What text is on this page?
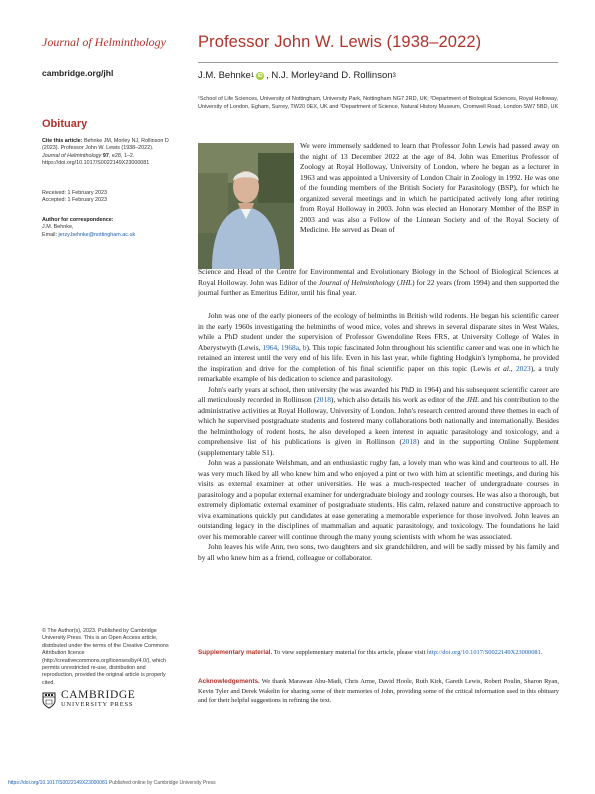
Journal of Helminthology
cambridge.org/jhl
Obituary
Cite this article: Behnke JM, Morley NJ, Rollinson D (2023). Professor John W. Lewis (1938–2022). Journal of Helminthology 97, e28, 1–2. https://doi.org/10.1017/S0022149X23000081
Received: 1 February 2023
Accepted: 1 February 2023
Author for correspondence:
J.M. Behnke,
Email: jerzy.behnke@nottingham.ac.uk
© The Author(s), 2023. Published by Cambridge University Press. This is an Open Access article, distributed under the terms of the Creative Commons Attribution licence (http://creativecommons.org/licenses/by/4.0/), which permits unrestricted re-use, distribution and reproduction, provided the original article is properly cited.
CAMBRIDGE
UNIVERSITY PRESS
Professor John W. Lewis (1938–2022)
J.M. Behnke 1 iD , N.J. Morley 2 and D. Rollinson 3
¹School of Life Sciences, University of Nottingham, University Park, Nottingham NG7 2RD, UK; ²Department of Biological Sciences, Royal Holloway, University of London, Egham, Surrey, TW20 0EX, UK and ³Department of Science, Natural History Museum, Cromwell Road, London SW7 5BD, UK
We were immensely saddened to learn that Professor John Lewis had passed away on the night of 13 December 2022 at the age of 84. John was Emeritus Professor of Zoology at Royal Holloway, University of London, where he began as a lecturer in 1963 and was appointed a University of London Chair in Zoology in 1992. He was one of the founding members of the British Society for Parasitology (BSP), for which he organized several meetings and in which he participated actively long after retiring from Royal Holloway in 2003. John was elected an Honorary Member of the BSP in 2003 and was also a Fellow of the Linnean Society and of the Royal Society of Medicine. He served as Dean of
Science and Head of the Centre for Environmental and Evolutionary Biology in the School of Biological Sciences at Royal Holloway. John was Editor of the Journal of Helminthology (JHL) for 22 years (from 1994) and then supported the journal further as Emeritus Editor, until his final year.

John was one of the early pioneers of the ecology of helminths in British wild rodents. He began his scientific career in the early 1960s investigating the helminths of wood mice, voles and shrews in several disparate sites in West Wales, while a PhD student under the supervision of Professor Gwendoline Rees FRS, at University College of Wales in Aberystwyth (Lewis, 1964, 1968a, b). This topic fascinated John throughout his scientific career and was one in which he retained an interest until the very end of his life. Even in his last year, while fighting Hodgkin's lymphoma, he provided the inspiration and drive for the completion of his final scientific paper on this topic (Lewis et al., 2023), a truly remarkable example of his dedication to science and parasitology.

John's early years at school, then university (he was awarded his PhD in 1964) and his subsequent scientific career are all meticulously recorded in Rollinson (2018), which also details his work as editor of the JHL and his contribution to the administrative activities at Royal Holloway, University of London. John's research centred around three themes in each of which he supervised postgraduate students and fostered many collaborations both nationally and internationally. Besides the helminthology of rodent hosts, he also developed a keen interest in aquatic parasitology and toxicology, and a comprehensive list of his publications is given in Rollinson (2018) and in the supporting Online Supplement (supplementary table S1).

John was a passionate Welshman, and an enthusiastic rugby fan, a lovely man who was kind and courteous to all. He was very much liked by all who knew him and who enjoyed a pint or two with him at scientific meetings, and during his visits as external examiner at other universities. He was a much-respected teacher of undergraduate courses in parasitology and a popular external examiner for undergraduate biology and zoology courses. He was also a thorough, but extremely diplomatic external examiner of postgraduate students. His calm, relaxed nature and constructive approach to viva examinations quickly put candidates at ease generating a memorable experience for those involved. John leaves an outstanding legacy in the disciplines of mammalian and aquatic parasitology, and toxicology. The foundations he laid over his memorable career will continue through the many young scientists with whom he was associated.

John leaves his wife Ann, two sons, two daughters and six grandchildren, and will be sadly missed by his family and by all who knew him as a friend, colleague or collaborator.

Supplementary material. To view supplementary material for this article, please visit http://doi.org/10.1017/S0022149X23000081.
Acknowledgements. We thank Marawan Abu-Madi, Chris Arme, David Hoole, Ruth Kirk, Gareth Lewis, Robert Poulin, Sharon Ryan, Kevin Tyler and Derek Wakelin for sharing some of their memories of John, providing some of the critical information used in this obituary and for their helpful suggestions in refining the text.
https://doi.org/10.1017/S0022149X23000081 Published online by Cambridge University Press
